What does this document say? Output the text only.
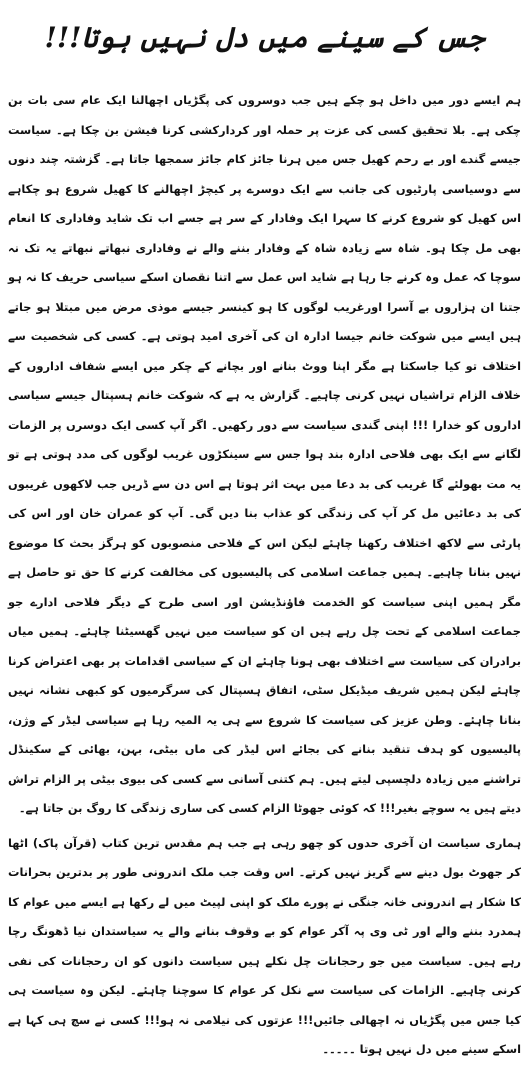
جس کے سینے میں دل نہیں ہوتا!!!

ہم ایسے دور میں داخل ہو چکے ہیں جب دوسروں کی پگڑیاں اچھالنا ایک عام سی بات بن چکی ہے۔ بلا تحقیق کسی کی عزت پر حملہ اور کردارکشی کرنا فیشن بن چکا ہے۔ سیاست جیسے گندے اور بے رحم کھیل جس میں ہرنا جائز کام جائز سمجھا جاتا ہے۔ گزشتہ چند دنوں سے دوسیاسی پارٹیوں کی جانب سے ایک دوسرے پر کیچڑ اچھالنے کا کھیل شروع ہو چکاہے اس کھیل کو شروع کرنے کا سہرا ایک وفادار کے سر ہے جسے اب تک شاید وفاداری کا انعام بھی مل چکا ہو۔ شاہ سے زیادہ شاہ کے وفادار بننے والے نے وفاداری نبھاتے نبھاتے یہ تک نہ سوچا کہ عمل وہ کرنے جا رہا ہے شاید اس عمل سے اتنا نقصان اسکے سیاسی حریف کا نہ ہو جتنا ان ہزاروں بے آسرا اورغریب لوگوں کا ہو کینسر جیسے موذی مرض میں مبتلا ہو جاتے ہیں ایسے میں شوکت خانم جیسا ادارہ ان کی آخری امید ہوتی ہے۔ کسی کی شخصیت سے اختلاف تو کیا جاسکتا ہے مگر اپنا ووٹ بنانے اور بچانے کے چکر میں ایسے شفاف اداروں کے خلاف الزام تراشیاں نہیں کرنی چاہیے۔ گزارش یہ ہے کہ شوکت خانم ہسپتال جیسے سیاسی اداروں کو خدارا !!! اپنی گندی سیاست سے دور رکھیں۔ اگر آپ کسی ایک دوسرں پر الزمات لگانے سے ایک بھی فلاحی ادارہ بند ہوا جس سے سینکڑوں غریب لوگوں کی مدد ہوتی ہے تو یہ مت بھولئے گا غریب کی بد دعا میں بہت اثر ہوتا ہے اس دن سے ڈریں جب لاکھوں غریبوں کی بد دعائیں مل کر آپ کی زندگی کو عذاب بنا دیں گی۔ آپ کو عمران خان اور اس کی پارٹی سے لاکھ اختلاف رکھنا چاہئے لیکن اس کے فلاحی منصوبوں کو ہرگز بحث کا موضوع نہیں بنانا چاہیے۔ ہمیں جماعت اسلامی کی پالیسیوں کی مخالفت کرنے کا حق تو حاصل ہے مگر ہمیں اپنی سیاست کو الخدمت فاؤنڈیشن اور اسی طرح کے دیگر فلاحی ادارے جو جماعت اسلامی کے تحت چل رہے ہیں ان کو سیاست میں نہیں گھسیٹنا چاہئے۔ ہمیں میاں برادران کی سیاست سے اختلاف بھی ہونا چاہئے ان کے سیاسی اقدامات پر بھی اعتراض کرنا چاہئے لیکن ہمیں شریف میڈیکل سٹی، اتفاق ہسپتال کی سرگرمیوں کو کبھی نشانہ نہیں بنانا چاہئے۔ وطن عزیز کی سیاست کا شروع سے ہی یہ المیہ رہا ہے سیاسی لیڈر کے وژن، پالیسیوں کو ہدف تنقید بنانے کی بجائے اس لیڈر کی ماں بیٹی، بہن، بھائی کے سکینڈل تراشنے میں زیادہ دلچسپی لیتے ہیں۔ ہم کتنی آسانی سے کسی کی بیوی بیٹی پر الزام تراش دیتے ہیں یہ سوچے بغیر!!! کہ کوئی جھوٹا الزام کسی کی ساری زندگی کا روگ بن جاتا ہے۔

ہماری سیاست ان آخری حدوں کو چھو رہی ہے جب ہم مقدس ترین کتاب (قرآن پاک) اٹھا کر جھوٹ بول دینے سے گریز نہیں کرتے۔ اس وقت جب ملک اندرونی طور پر بدترین بحرانات کا شکار ہے اندرونی خانہ جنگی نے پورے ملک کو اپنی لپیٹ میں لے رکھا ہے ایسے میں عوام کا ہمدرد بننے والے اور ٹی وی پہ آکر عوام کو بے وقوف بنانے والے یہ سیاستدان نیا ڈھونگ رچا رہے ہیں۔ سیاست میں جو رحجانات چل نکلے ہیں سیاست دانوں کو ان رحجانات کی نفی کرنی چاہیے۔ الزامات کی سیاست سے نکل کر عوام کا سوچنا چاہئے۔ لیکن وہ سیاست ہی کیا جس میں پگڑیاں نہ اچھالی جائیں!!! عزتوں کی نیلامی نہ ہو!!! کسی نے سچ ہی کہا ہے اسکے سینے میں دل نہیں ہوتا ۔۔۔۔۔
